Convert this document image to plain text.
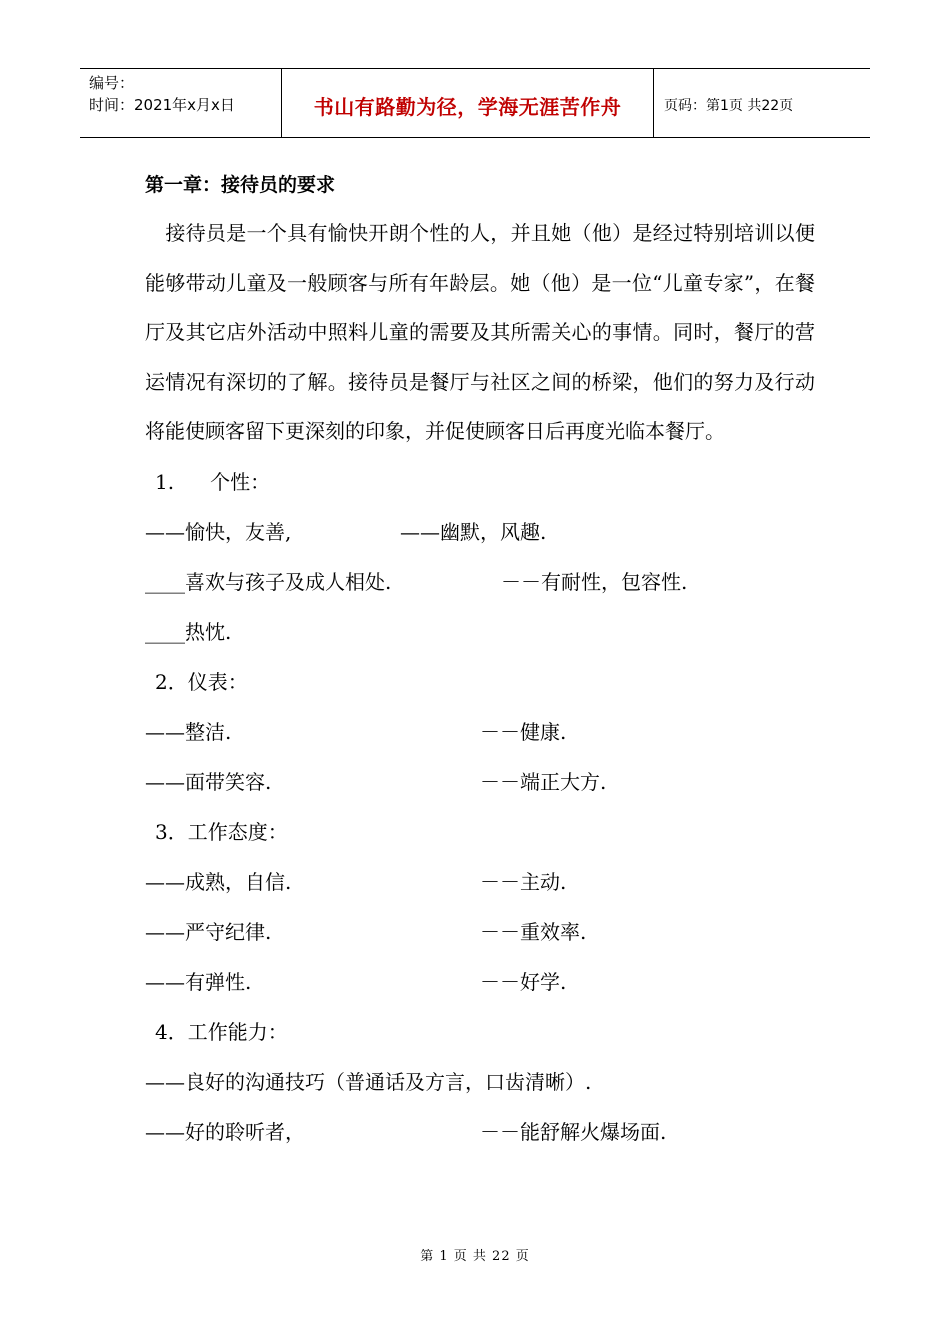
编号：
时间：2021年x月x日	书山有路勤为径，学海无涯苦作舟	页码：第1页 共22页
第一章：接待员的要求
接待员是一个具有愉快开朗个性的人，并且她（他）是经过特别培训以便能够带动儿童及一般顾客与所有年龄层。她（他）是一位“儿童专家”，在餐厅及其它店外活动中照料儿童的需要及其所需关心的事情。同时，餐厅的营运情况有深切的了解。接待员是餐厅与社区之间的桥梁，他们的努力及行动将能使顾客留下更深刻的印象，并促使顾客日后再度光临本餐厅。
1. 个性：
——愉快，友善,	——幽默，风趣.
____喜欢与孩子及成人相处.	－－有耐性，包容性.
____热忱.
2．仪表：
——整洁.	－－健康.
——面带笑容.	－－端正大方.
3．工作态度：
——成熟，自信.	－－主动.
——严守纪律.	－－重效率.
——有弹性.	－－好学.
4．工作能力：
——良好的沟通技巧（普通话及方言，口齿清晰）.
——好的聆听者，	－－能舒解火爆场面.
第 1 页 共 22 页
